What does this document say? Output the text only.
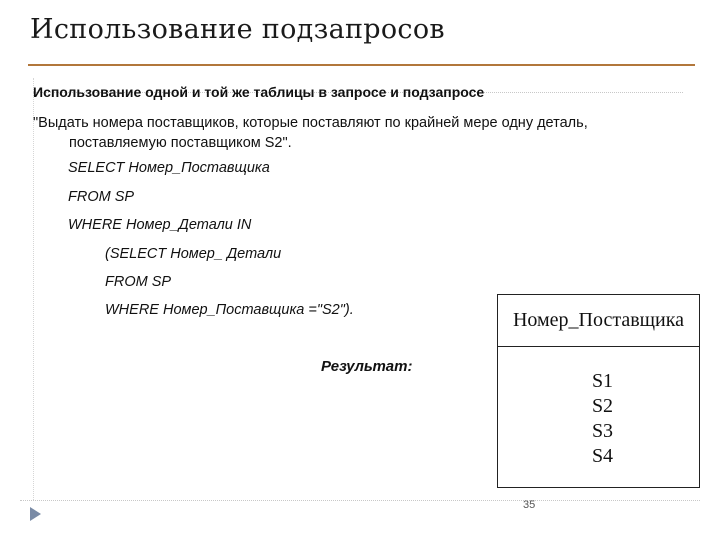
Использование подзапросов
Использование одной и той же таблицы в запросе и подзапросе
"Выдать номера поставщиков, которые поставляют по крайней мере одну деталь,
поставляемую поставщиком S2".
SELECT Номер_Поставщика
FROM SP
WHERE Номер_Детали IN
(SELECT Номер_ Детали
FROM SP
WHERE Номер_Поставщика ="S2").
Результат:
Номер_Поставщика
S1
S2
S3
S4
35
